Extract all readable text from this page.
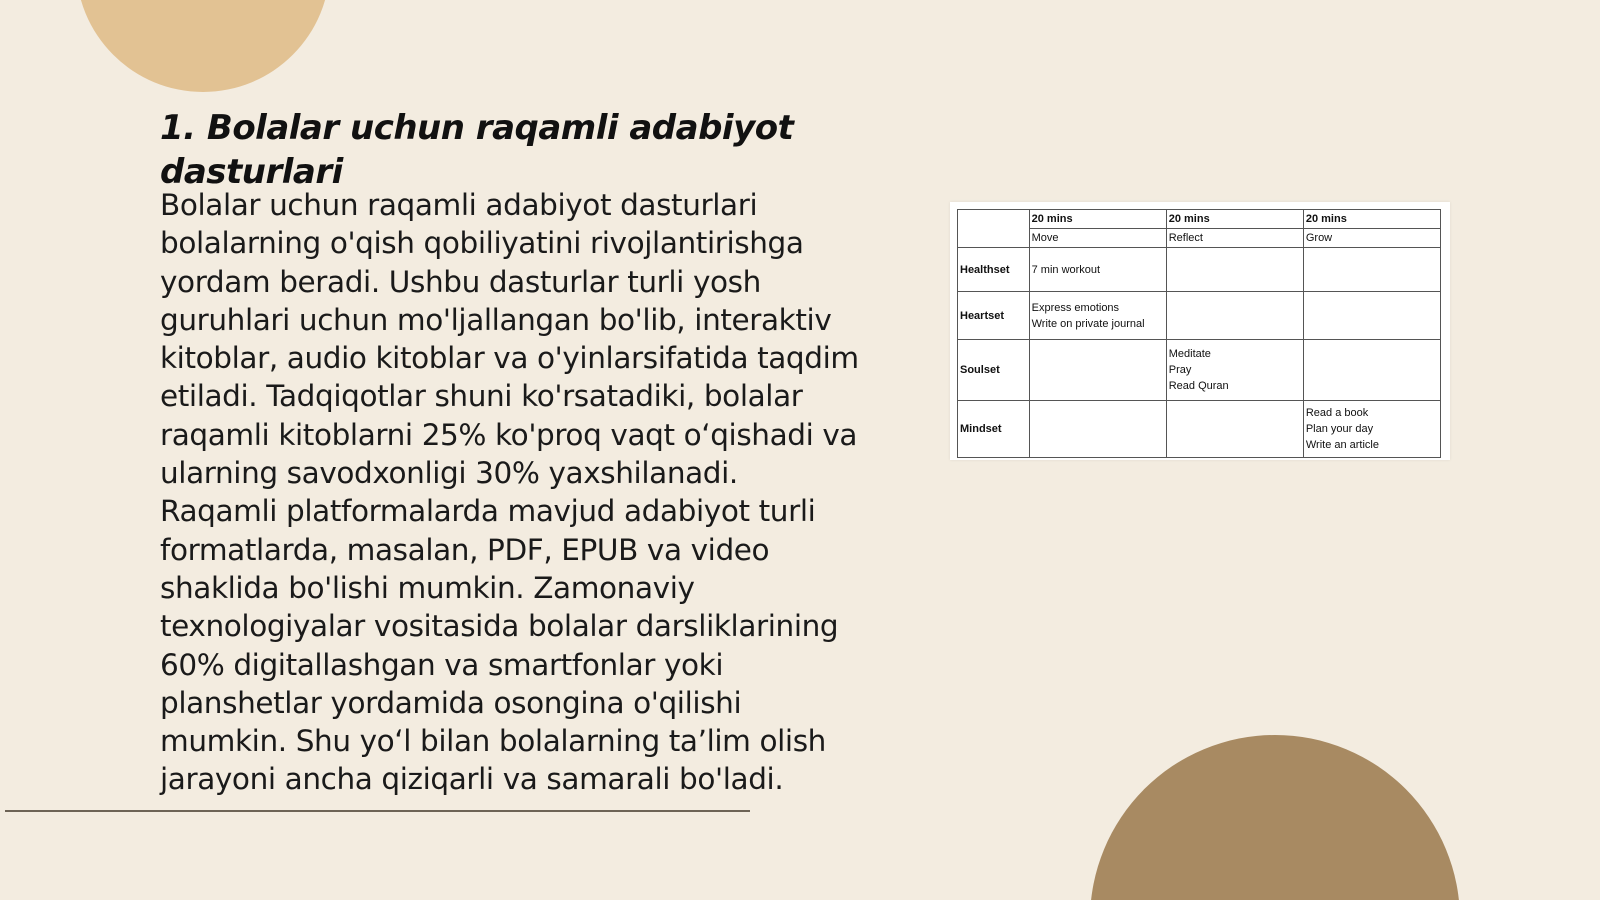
1. Bolalar uchun raqamli adabiyot dasturlari

Bolalar uchun raqamli adabiyot dasturlari bolalarning o'qish qobiliyatini rivojlantirishga yordam beradi. Ushbu dasturlar turli yosh guruhlari uchun mo'ljallangan bo'lib, interaktiv kitoblar, audio kitoblar va o'yinlarsifatida taqdim etiladi. Tadqiqotlar shuni ko'rsatadiki, bolalar raqamli kitoblarni 25% ko'proq vaqt o‘qishadi va ularning savodxonligi 30% yaxshilanadi. Raqamli platformalarda mavjud adabiyot turli formatlarda, masalan, PDF, EPUB va video shaklida bo'lishi mumkin. Zamonaviy texnologiyalar vositasida bolalar darsliklarining 60% digitallashgan va smartfonlar yoki planshetlar yordamida osongina o'qilishi mumkin. Shu yo‘l bilan bolalarning ta’lim olish jarayoni ancha qiziqarli va samarali bo'ladi.

	20 mins	20 mins	20 mins
	Move	Reflect	Grow
Healthset	7 min workout		

Heartset	Express emotions
Write on private journal		

Soulset		Meditate
Pray
Read Quran	

Mindset			Read a book
Plan your day
Write an article
